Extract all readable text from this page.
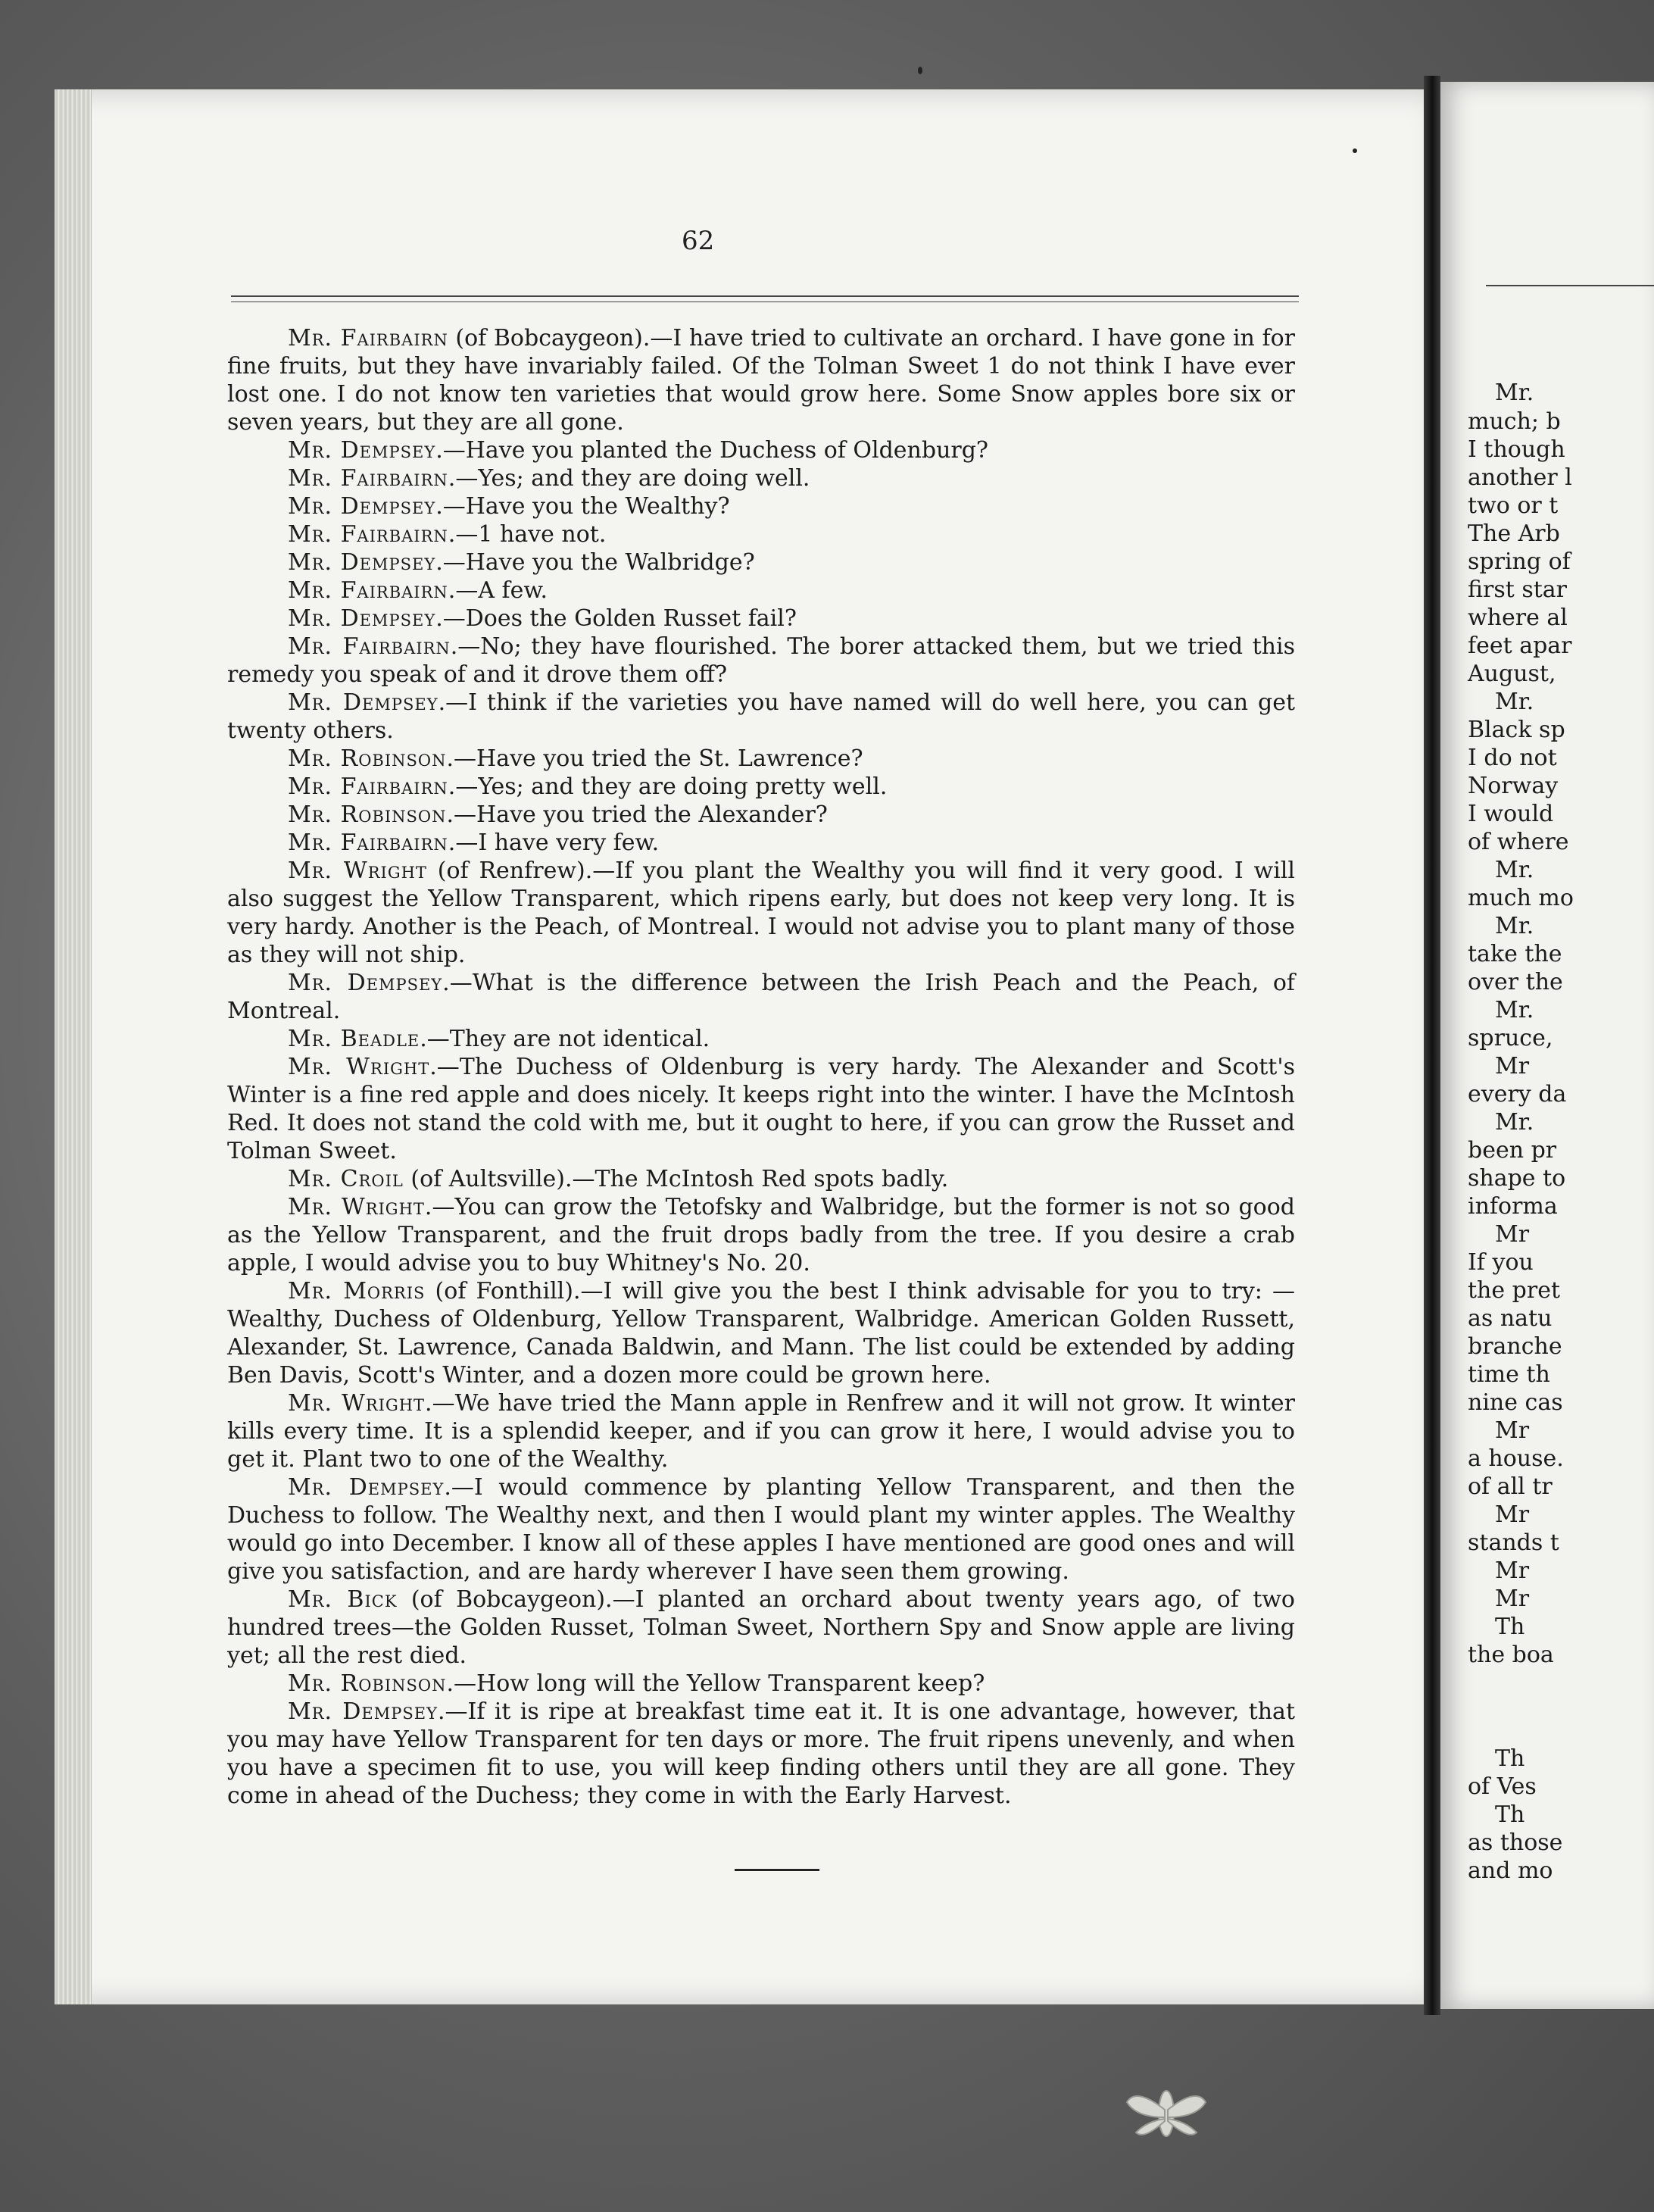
62

Mr. Fairbairn (of Bobcaygeon).—I have tried to cultivate an orchard. I have gone in for fine fruits, but they have invariably failed. Of the Tolman Sweet 1 do not think I have ever lost one. I do not know ten varieties that would grow here. Some Snow apples bore six or seven years, but they are all gone.

Mr. Dempsey.—Have you planted the Duchess of Oldenburg?

Mr. Fairbairn.—Yes; and they are doing well.

Mr. Dempsey.—Have you the Wealthy?

Mr. Fairbairn.—1 have not.

Mr. Dempsey.—Have you the Walbridge?

Mr. Fairbairn.—A few.

Mr. Dempsey.—Does the Golden Russet fail?

Mr. Fairbairn.—No; they have flourished. The borer attacked them, but we tried this remedy you speak of and it drove them off?

Mr. Dempsey.—I think if the varieties you have named will do well here, you can get twenty others.

Mr. Robinson.—Have you tried the St. Lawrence?

Mr. Fairbairn.—Yes; and they are doing pretty well.

Mr. Robinson.—Have you tried the Alexander?

Mr. Fairbairn.—I have very few.

Mr. Wright (of Renfrew).—If you plant the Wealthy you will find it very good. I will also suggest the Yellow Transparent, which ripens early, but does not keep very long. It is very hardy. Another is the Peach, of Montreal. I would not advise you to plant many of those as they will not ship.

Mr. Dempsey.—What is the difference between the Irish Peach and the Peach, of Montreal.

Mr. Beadle.—They are not identical.

Mr. Wright.—The Duchess of Oldenburg is very hardy. The Alexander and Scott's Winter is a fine red apple and does nicely. It keeps right into the winter. I have the McIntosh Red. It does not stand the cold with me, but it ought to here, if you can grow the Russet and Tolman Sweet.

Mr. Croil (of Aultsville).—The McIntosh Red spots badly.

Mr. Wright.—You can grow the Tetofsky and Walbridge, but the former is not so good as the Yellow Transparent, and the fruit drops badly from the tree. If you desire a crab apple, I would advise you to buy Whitney's No. 20.

Mr. Morris (of Fonthill).—I will give you the best I think advisable for you to try: —Wealthy, Duchess of Oldenburg, Yellow Transparent, Walbridge. American Golden Russett, Alexander, St. Lawrence, Canada Baldwin, and Mann. The list could be extended by adding Ben Davis, Scott's Winter, and a dozen more could be grown here.

Mr. Wright.—We have tried the Mann apple in Renfrew and it will not grow. It winter kills every time. It is a splendid keeper, and if you can grow it here, I would advise you to get it. Plant two to one of the Wealthy.

Mr. Dempsey.—I would commence by planting Yellow Transparent, and then the Duchess to follow. The Wealthy next, and then I would plant my winter apples. The Wealthy would go into December. I know all of these apples I have mentioned are good ones and will give you satisfaction, and are hardy wherever I have seen them growing.

Mr. Bick (of Bobcaygeon).—I planted an orchard about twenty years ago, of two hundred trees—the Golden Russet, Tolman Sweet, Northern Spy and Snow apple are living yet; all the rest died.

Mr. Robinson.—How long will the Yellow Transparent keep?

Mr. Dempsey.—If it is ripe at breakfast time eat it. It is one advantage, however, that you may have Yellow Transparent for ten days or more. The fruit ripens unevenly, and when you have a specimen fit to use, you will keep finding others until they are all gone. They come in ahead of the Duchess; they come in with the Early Harvest.

Mr.
much; b
I though
another l
two or t
The Arb
spring of
first star
where al
feet apar
August,
Mr.
Black sp
I do not
Norway
I would
of where
Mr.
much mo
Mr.
take the
over the
Mr.
spruce,
Mr
every da
Mr.
been pr
shape to
informa
Mr
If you
the pret
as natu
branche
time th
nine cas
Mr
a house.
of all tr
Mr
stands t
Mr
Mr
Th
the boa
Th
of Ves
Th
as those
and mo
